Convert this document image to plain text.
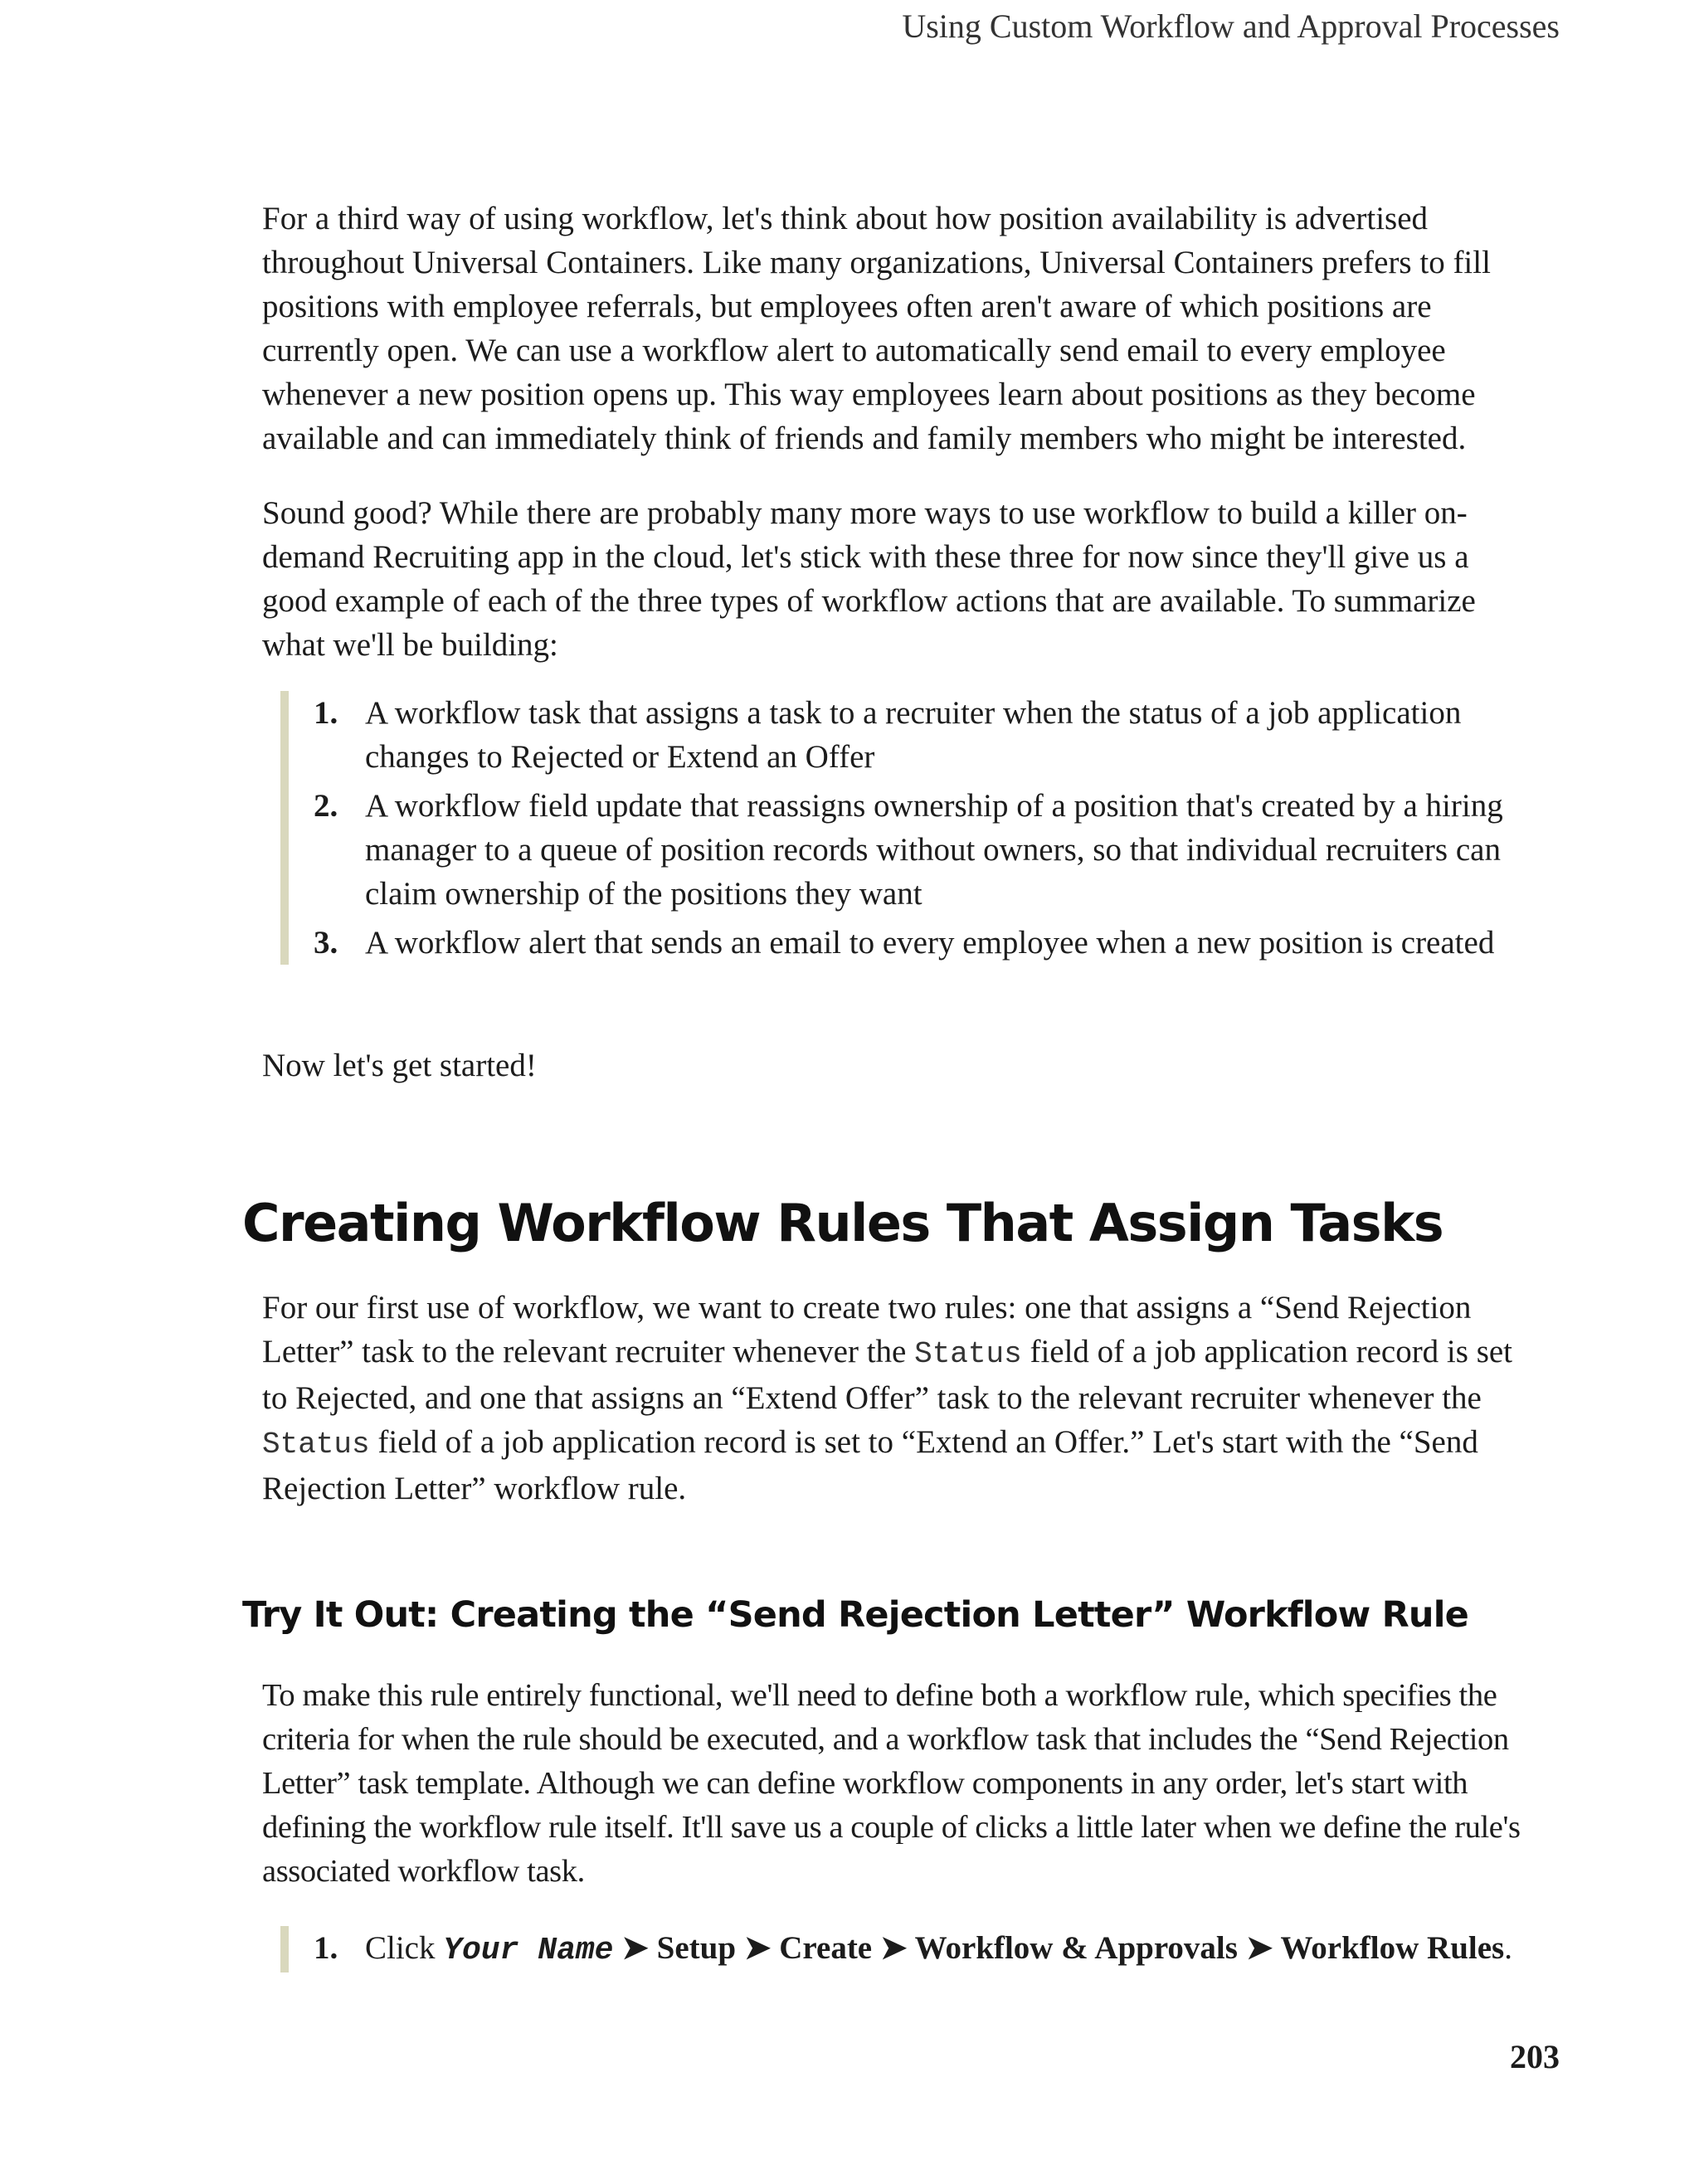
Using Custom Workflow and Approval Processes

For a third way of using workflow, let's think about how position availability is advertised throughout Universal Containers. Like many organizations, Universal Containers prefers to fill positions with employee referrals, but employees often aren't aware of which positions are currently open. We can use a workflow alert to automatically send email to every employee whenever a new position opens up. This way employees learn about positions as they become available and can immediately think of friends and family members who might be interested.

Sound good? While there are probably many more ways to use workflow to build a killer on-demand Recruiting app in the cloud, let's stick with these three for now since they'll give us a good example of each of the three types of workflow actions that are available. To summarize what we'll be building:

1. A workflow task that assigns a task to a recruiter when the status of a job application changes to Rejected or Extend an Offer
2. A workflow field update that reassigns ownership of a position that's created by a hiring manager to a queue of position records without owners, so that individual recruiters can claim ownership of the positions they want
3. A workflow alert that sends an email to every employee when a new position is created

Now let's get started!

Creating Workflow Rules That Assign Tasks

For our first use of workflow, we want to create two rules: one that assigns a “Send Rejection Letter” task to the relevant recruiter whenever the Status field of a job application record is set to Rejected, and one that assigns an “Extend Offer” task to the relevant recruiter whenever the Status field of a job application record is set to “Extend an Offer.” Let's start with the “Send Rejection Letter” workflow rule.

Try It Out: Creating the “Send Rejection Letter” Workflow Rule

To make this rule entirely functional, we'll need to define both a workflow rule, which specifies the criteria for when the rule should be executed, and a workflow task that includes the “Send Rejection Letter” task template. Although we can define workflow components in any order, let's start with defining the workflow rule itself. It'll save us a couple of clicks a little later when we define the rule's associated workflow task.

1. Click Your Name ➤ Setup ➤ Create ➤ Workflow & Approvals ➤ Workflow Rules.
203
